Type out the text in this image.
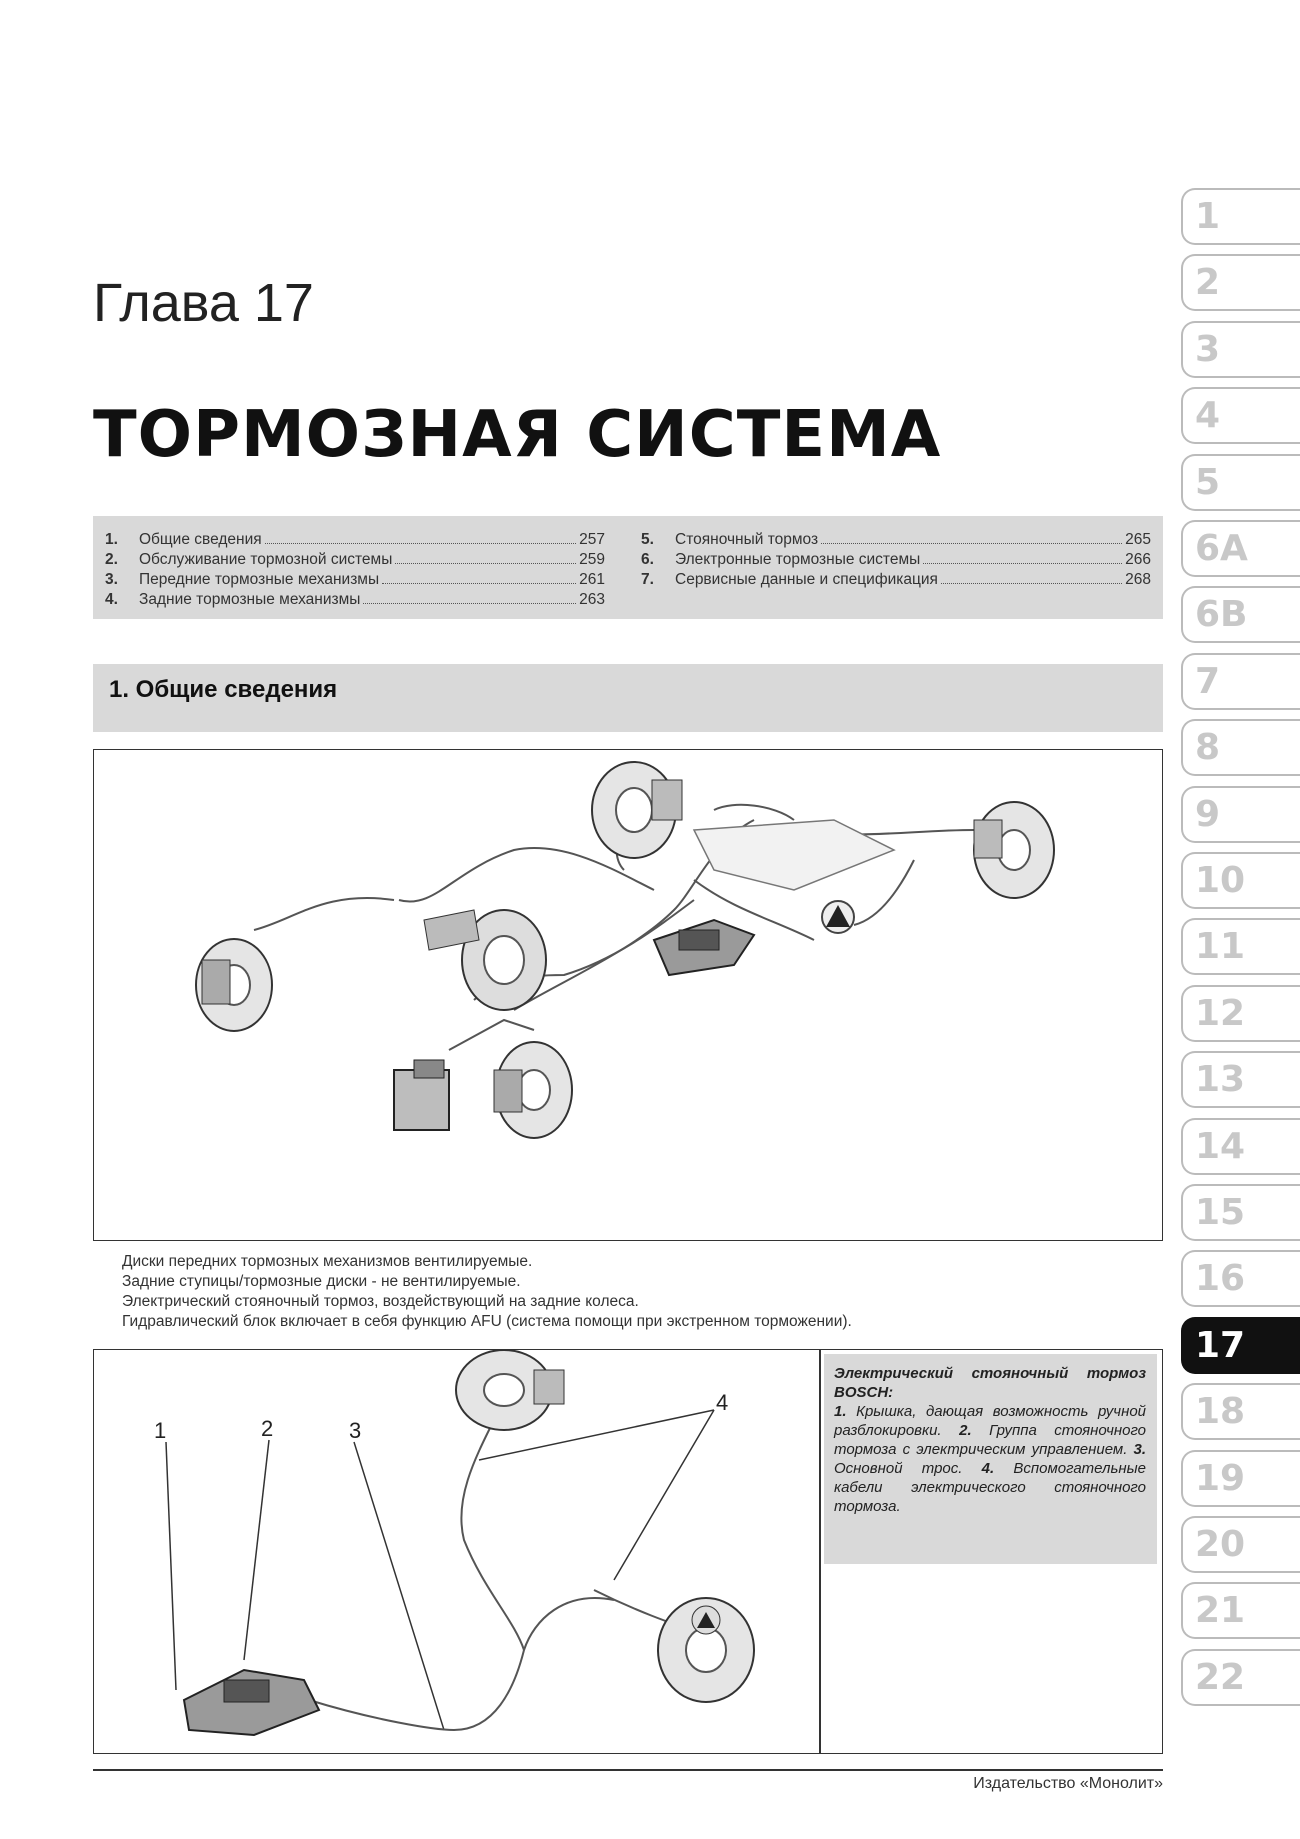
Глава 17
ТОРМОЗНАЯ СИСТЕМА
1.	Общие сведения	257
2.	Обслуживание тормозной системы	259
3.	Передние тормозные механизмы	261
4.	Задние тормозные механизмы	263
5.	Стояночный тормоз	265
6.	Электронные тормозные системы	266
7.	Сервисные данные и спецификация	268
1. Общие сведения
Диски передних тормозных механизмов вентилируемые.
Задние ступицы/тормозные диски - не вентилируемые.
Электрический стояночный тормоз, воздействующий на задние колеса.
Гидравлический блок включает в себя функцию AFU (система помощи при экстренном торможении).
1	2	3
4
Электрический стояночный тормоз BOSCH:
1. Крышка, дающая возможность ручной разблокировки. 2. Группа стояночного тормоза с электрическим управлением. 3. Основной трос. 4. Вспомогательные кабели электрического стояночного тормоза.
Издательство «Монолит»
1
2
3
4
5
6A
6B
7
8
9
10
11
12
13
14
15
16
17
18
19
20
21
22
